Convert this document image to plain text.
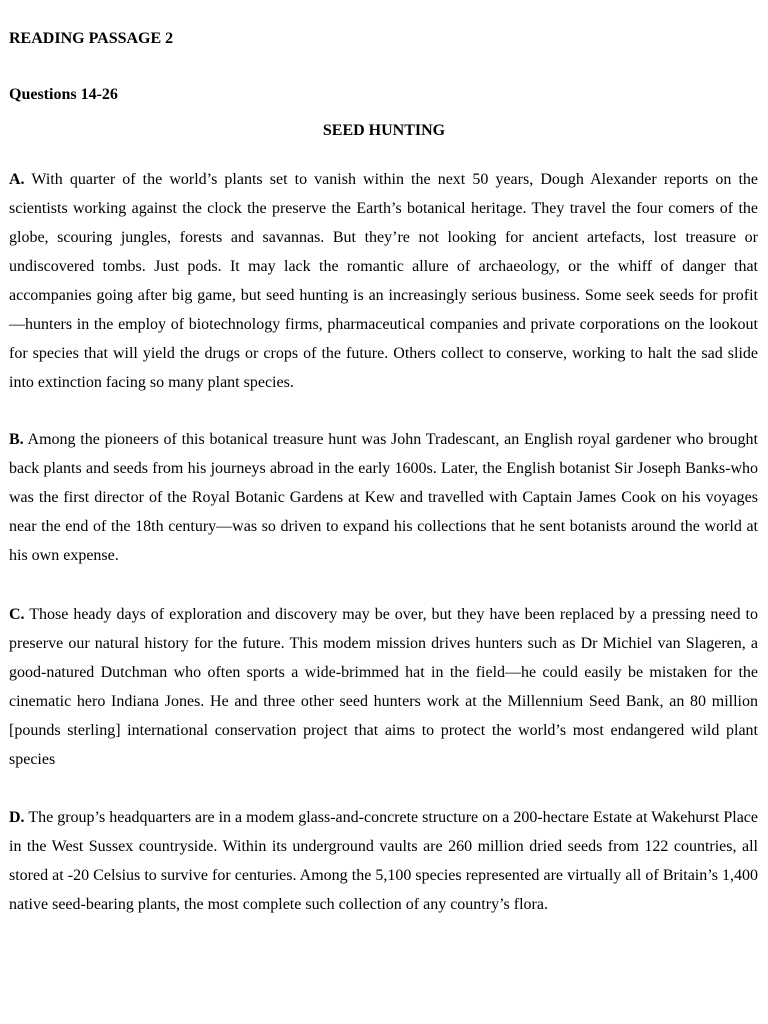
READING PASSAGE 2
Questions 14-26
SEED HUNTING

A. With quarter of the world’s plants set to vanish within the next 50 years, Dough Alexander reports on the scientists working against the clock the preserve the Earth’s botanical heritage. They travel the four comers of the globe, scouring jungles, forests and savannas. But they’re not looking for ancient artefacts, lost treasure or undiscovered tombs. Just pods. It may lack the romantic allure of archaeology, or the whiff of danger that accompanies going after big game, but seed hunting is an increasingly serious business. Some seek seeds for profit —hunters in the employ of biotechnology firms, pharmaceutical companies and private corporations on the lookout for species that will yield the drugs or crops of the future. Others collect to conserve, working to halt the sad slide into extinction facing so many plant species.

B. Among the pioneers of this botanical treasure hunt was John Tradescant, an English royal gardener who brought back plants and seeds from his journeys abroad in the early 1600s. Later, the English botanist Sir Joseph Banks-who was the first director of the Royal Botanic Gardens at Kew and travelled with Captain James Cook on his voyages near the end of the 18th century—was so driven to expand his collections that he sent botanists around the world at his own expense.

C. Those heady days of exploration and discovery may be over, but they have been replaced by a pressing need to preserve our natural history for the future. This modem mission drives hunters such as Dr Michiel van Slageren, a good-natured Dutchman who often sports a wide-brimmed hat in the field—he could easily be mistaken for the cinematic hero Indiana Jones. He and three other seed hunters work at the Millennium Seed Bank, an 80 million [pounds sterling] international conservation project that aims to protect the world’s most endangered wild plant species

D. The group’s headquarters are in a modem glass-and-concrete structure on a 200-hectare Estate at Wakehurst Place in the West Sussex countryside. Within its underground vaults are 260 million dried seeds from 122 countries, all stored at -20 Celsius to survive for centuries. Among the 5,100 species represented are virtually all of Britain’s 1,400 native seed-bearing plants, the most complete such collection of any country’s flora.
